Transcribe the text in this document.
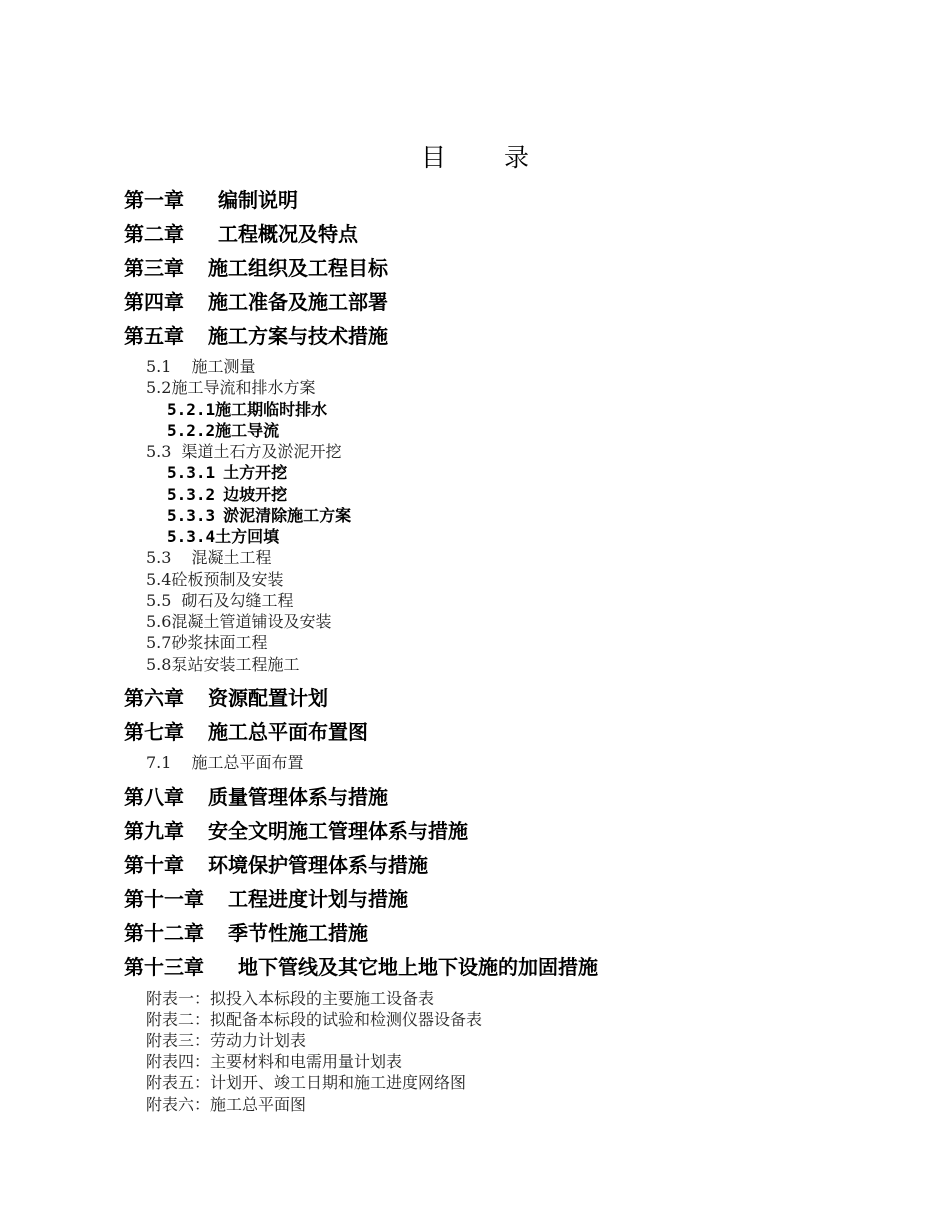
目 录
第一章 编制说明
第二章 工程概况及特点
第三章 施工组织及工程目标
第四章 施工准备及施工部署
第五章 施工方案与技术措施
5.1 施工测量
5.2施工导流和排水方案
5.2.1施工期临时排水
5.2.2施工导流
5.3 渠道土石方及淤泥开挖
5.3.1 土方开挖
5.3.2 边坡开挖
5.3.3 淤泥清除施工方案
5.3.4土方回填
5.3 混凝土工程
5.4砼板预制及安装
5.5 砌石及勾缝工程
5.6混凝土管道铺设及安装
5.7砂浆抹面工程
5.8泵站安装工程施工
第六章 资源配置计划
第七章 施工总平面布置图
7.1 施工总平面布置
第八章 质量管理体系与措施
第九章 安全文明施工管理体系与措施
第十章 环境保护管理体系与措施
第十一章 工程进度计划与措施
第十二章 季节性施工措施
第十三章 地下管线及其它地上地下设施的加固措施
附表一：拟投入本标段的主要施工设备表
附表二：拟配备本标段的试验和检测仪器设备表
附表三：劳动力计划表
附表四：主要材料和电需用量计划表
附表五：计划开、竣工日期和施工进度网络图
附表六：施工总平面图
